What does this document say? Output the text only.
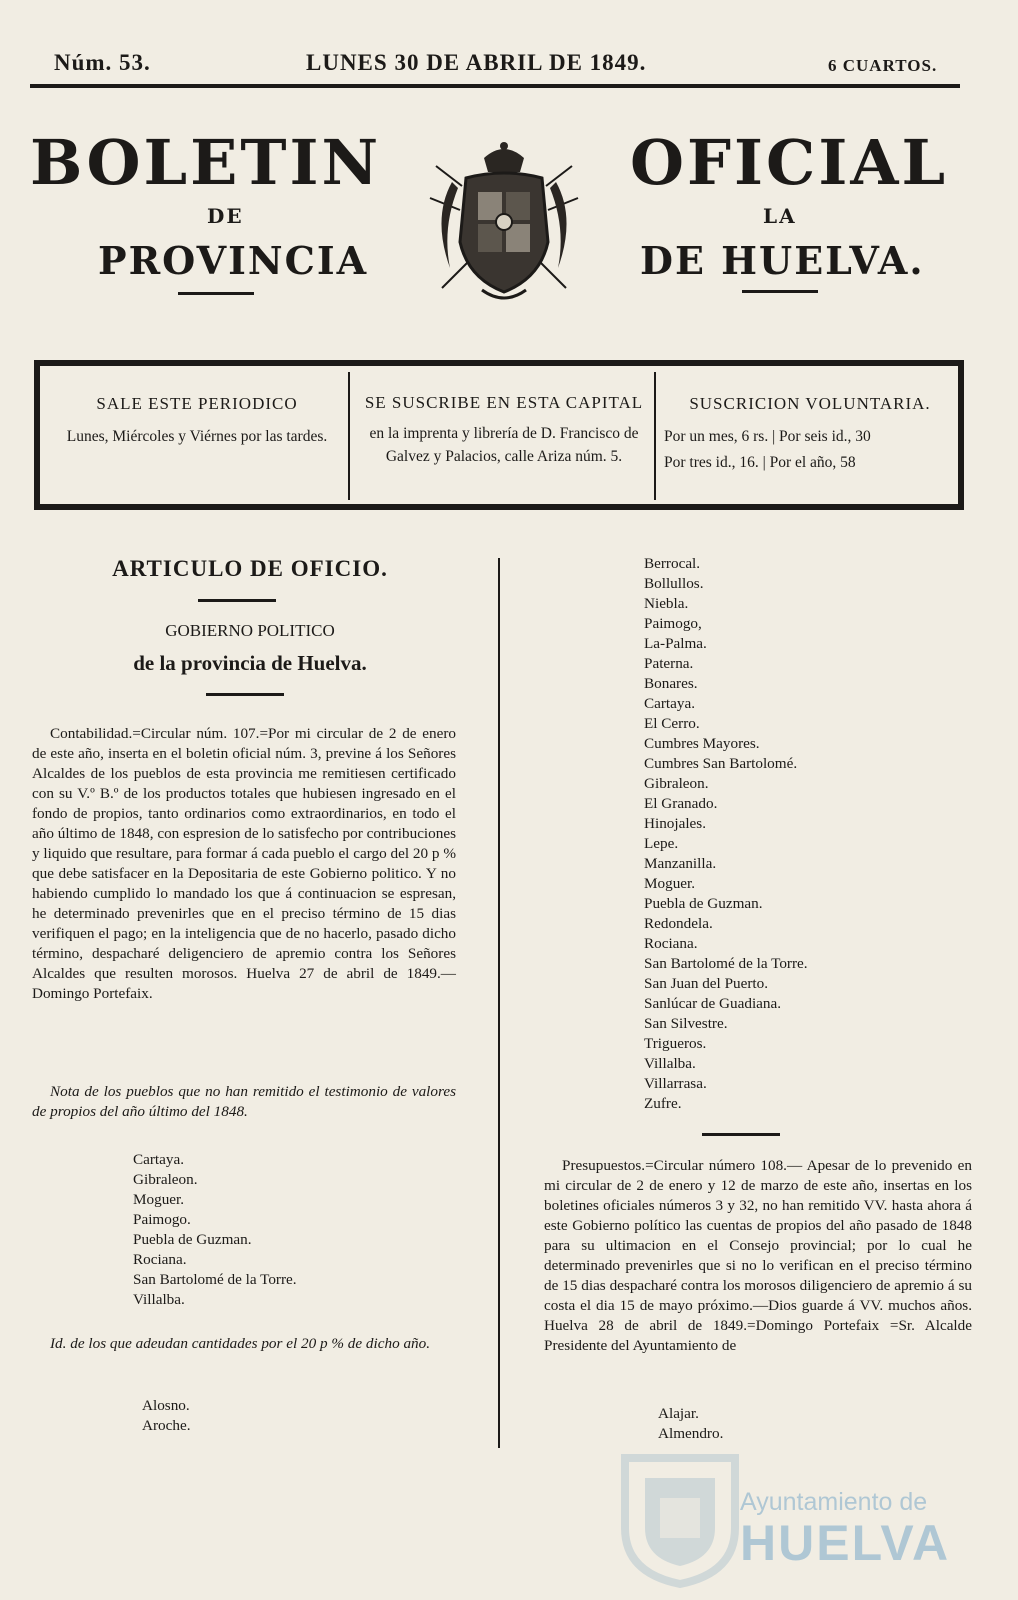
Núm. 53.	LUNES 30 DE ABRIL DE 1849.	6 CUARTOS.
BOLETIN
DE
PROVINCIA
OFICIAL
LA
DE HUELVA.
SALE ESTE PERIODICO
Lunes, Miércoles y Viérnes por las tardes.
SE SUSCRIBE EN ESTA CAPITAL
en la imprenta y librería de D. Francisco de Galvez y Palacios, calle Ariza núm. 5.
SUSCRICION VOLUNTARIA.
Por un mes, 6 rs. | Por seis id., 30
Por tres id., 16. | Por el año, 58
ARTICULO DE OFICIO.
GOBIERNO POLITICO
de la provincia de Huelva.
Contabilidad.=Circular núm. 107.=Por mi circular de 2 de enero de este año, inserta en el boletin oficial núm. 3, previne á los Señores Alcaldes de los pueblos de esta provincia me remitiesen certificado con su V.º B.º de los productos totales que hubiesen ingresado en el fondo de propios, tanto ordinarios como extraordinarios, en todo el año último de 1848, con espresion de lo satisfecho por contribuciones y liquido que resultare, para formar á cada pueblo el cargo del 20 p % que debe satisfacer en la Depositaria de este Gobierno politico. Y no habiendo cumplido lo mandado los que á continuacion se espresan, he determinado prevenirles que en el preciso término de 15 dias verifiquen el pago; en la inteligencia que de no hacerlo, pasado dicho término, despacharé deligenciero de apremio contra los Señores Alcaldes que resulten morosos. Huelva 27 de abril de 1849.—Domingo Portefaix.
Nota de los pueblos que no han remitido el testimonio de valores de propios del año último del 1848.
Cartaya.
Gibraleon.
Moguer.
Paimogo.
Puebla de Guzman.
Rociana.
San Bartolomé de la Torre.
Villalba.
Id. de los que adeudan cantidades por el 20 p % de dicho año.
Alosno.
Aroche.
Berrocal.
Bollullos.
Niebla.
Paimogo,
La-Palma.
Paterna.
Bonares.
Cartaya.
El Cerro.
Cumbres Mayores.
Cumbres San Bartolomé.
Gibraleon.
El Granado.
Hinojales.
Lepe.
Manzanilla.
Moguer.
Puebla de Guzman.
Redondela.
Rociana.
San Bartolomé de la Torre.
San Juan del Puerto.
Sanlúcar de Guadiana.
San Silvestre.
Trigueros.
Villalba.
Villarrasa.
Zufre.
Presupuestos.=Circular número 108.— Apesar de lo prevenido en mi circular de 2 de enero y 12 de marzo de este año, insertas en los boletines oficiales números 3 y 32, no han remitido VV. hasta ahora á este Gobierno político las cuentas de propios del año pasado de 1848 para su ultimacion en el Consejo provincial; por lo cual he determinado prevenirles que si no lo verifican en el preciso término de 15 dias despacharé contra los morosos diligenciero de apremio á su costa el dia 15 de mayo próximo.—Dios guarde á VV. muchos años. Huelva 28 de abril de 1849.=Domingo Portefaix =Sr. Alcalde Presidente del Ayuntamiento de
Alajar.
Almendro.
Ayuntamiento de
HUELVA
